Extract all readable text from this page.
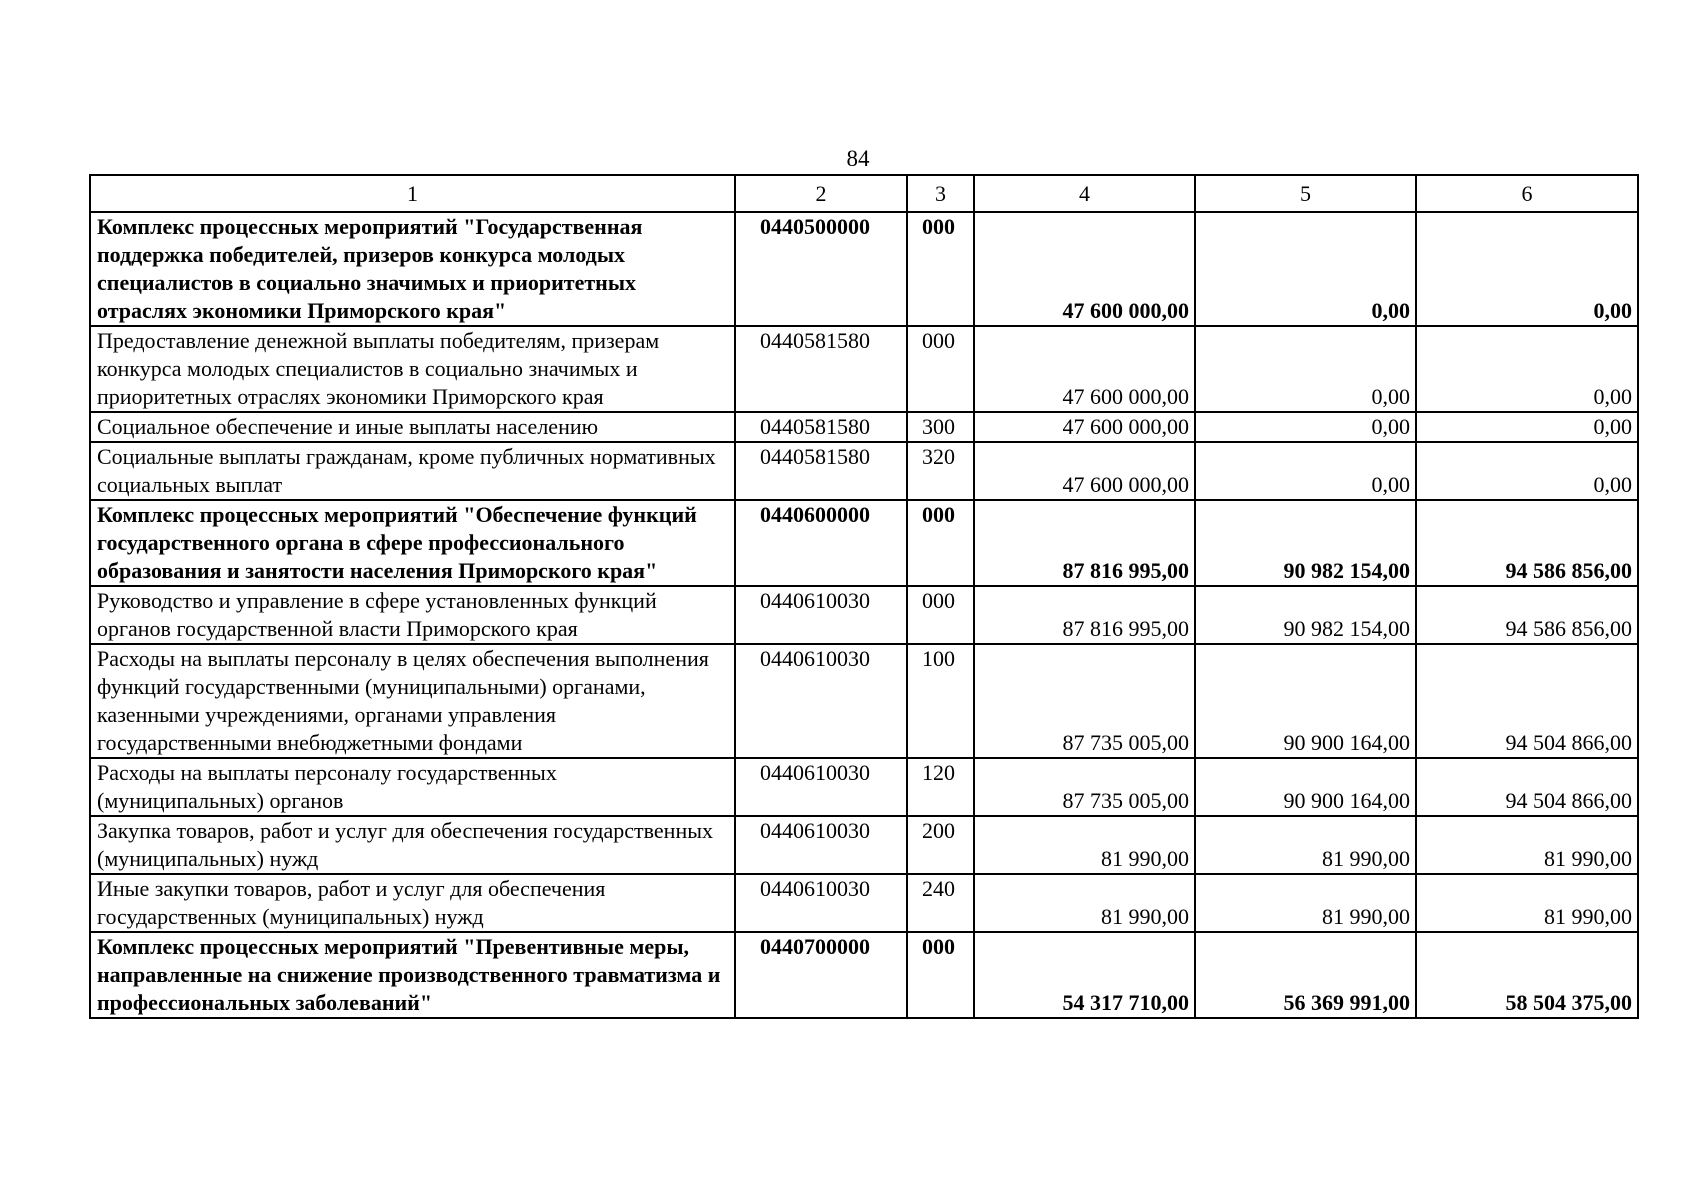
84
1	2	3	4	5	6
Комплекс процессных мероприятий "Государственная поддержка победителей, призеров конкурса молодых специалистов в социально значимых и приоритетных отраслях экономики Приморского края"	0440500000	000	47 600 000,00	0,00	0,00
Предоставление денежной выплаты победителям, призерам конкурса молодых специалистов в социально значимых и приоритетных отраслях экономики Приморского края	0440581580	000	47 600 000,00	0,00	0,00
Социальное обеспечение и иные выплаты населению	0440581580	300	47 600 000,00	0,00	0,00
Социальные выплаты гражданам, кроме публичных нормативных социальных выплат	0440581580	320	47 600 000,00	0,00	0,00
Комплекс процессных мероприятий "Обеспечение функций государственного органа в сфере профессионального образования и занятости населения Приморского края"	0440600000	000	87 816 995,00	90 982 154,00	94 586 856,00
Руководство и управление в сфере установленных функций органов государственной власти Приморского края	0440610030	000	87 816 995,00	90 982 154,00	94 586 856,00
Расходы на выплаты персоналу в целях обеспечения выполнения функций государственными (муниципальными) органами, казенными учреждениями, органами управления государственными внебюджетными фондами	0440610030	100	87 735 005,00	90 900 164,00	94 504 866,00
Расходы на выплаты персоналу государственных (муниципальных) органов	0440610030	120	87 735 005,00	90 900 164,00	94 504 866,00
Закупка товаров, работ и услуг для обеспечения государственных (муниципальных) нужд	0440610030	200	81 990,00	81 990,00	81 990,00
Иные закупки товаров, работ и услуг для обеспечения государственных (муниципальных) нужд	0440610030	240	81 990,00	81 990,00	81 990,00
Комплекс процессных мероприятий "Превентивные меры, направленные на снижение производственного травматизма и профессиональных заболеваний"	0440700000	000	54 317 710,00	56 369 991,00	58 504 375,00
